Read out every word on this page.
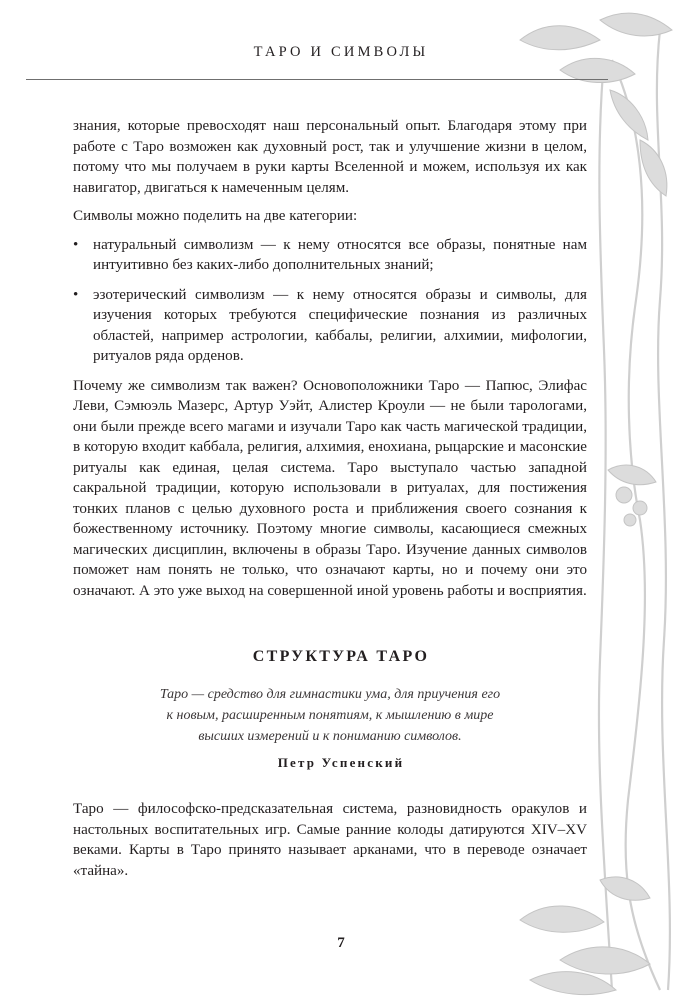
ТАРО И СИМВОЛЫ

знания, которые превосходят наш персональный опыт. Благодаря этому при работе с Таро возможен как духовный рост, так и улучшение жизни в целом, потому что мы получаем в руки карты Вселенной и можем, используя их как навигатор, двигаться к намеченным целям.

Символы можно поделить на две категории:

• натуральный символизм — к нему относятся все образы, понятные нам интуитивно без каких-либо дополнительных знаний;
• эзотерический символизм — к нему относятся образы и символы, для изучения которых требуются специфические познания из различных областей, например астрологии, каббалы, религии, алхимии, мифологии, ритуалов ряда орденов.

Почему же символизм так важен? Основоположники Таро — Папюс, Элифас Леви, Сэмюэль Мазерс, Артур Уэйт, Алистер Кроули — не были тарологами, они были прежде всего магами и изучали Таро как часть магической традиции, в которую входит каббала, религия, алхимия, енохиана, рыцарские и масонские ритуалы как единая, целая система. Таро выступало частью западной сакральной традиции, которую использовали в ритуалах, для постижения тонких планов с целью духовного роста и приближения своего сознания к божественному источнику. Поэтому многие символы, касающиеся смежных магических дисциплин, включены в образы Таро. Изучение данных символов поможет нам понять не только, что означают карты, но и почему они это означают. А это уже выход на совершенной иной уровень работы и восприятия.

СТРУКТУРА ТАРО
Таро — средство для гимнастики ума, для приучения его
к новым, расширенным понятиям, к мышлению в мире
высших измерений и к пониманию символов.
Петр Успенский

Таро — философско-предсказательная система, разновидность оракулов и настольных воспитательных игр. Самые ранние колоды датируются XIV–XV веками. Карты в Таро принято называет арканами, что в переводе означает «тайна».

7
